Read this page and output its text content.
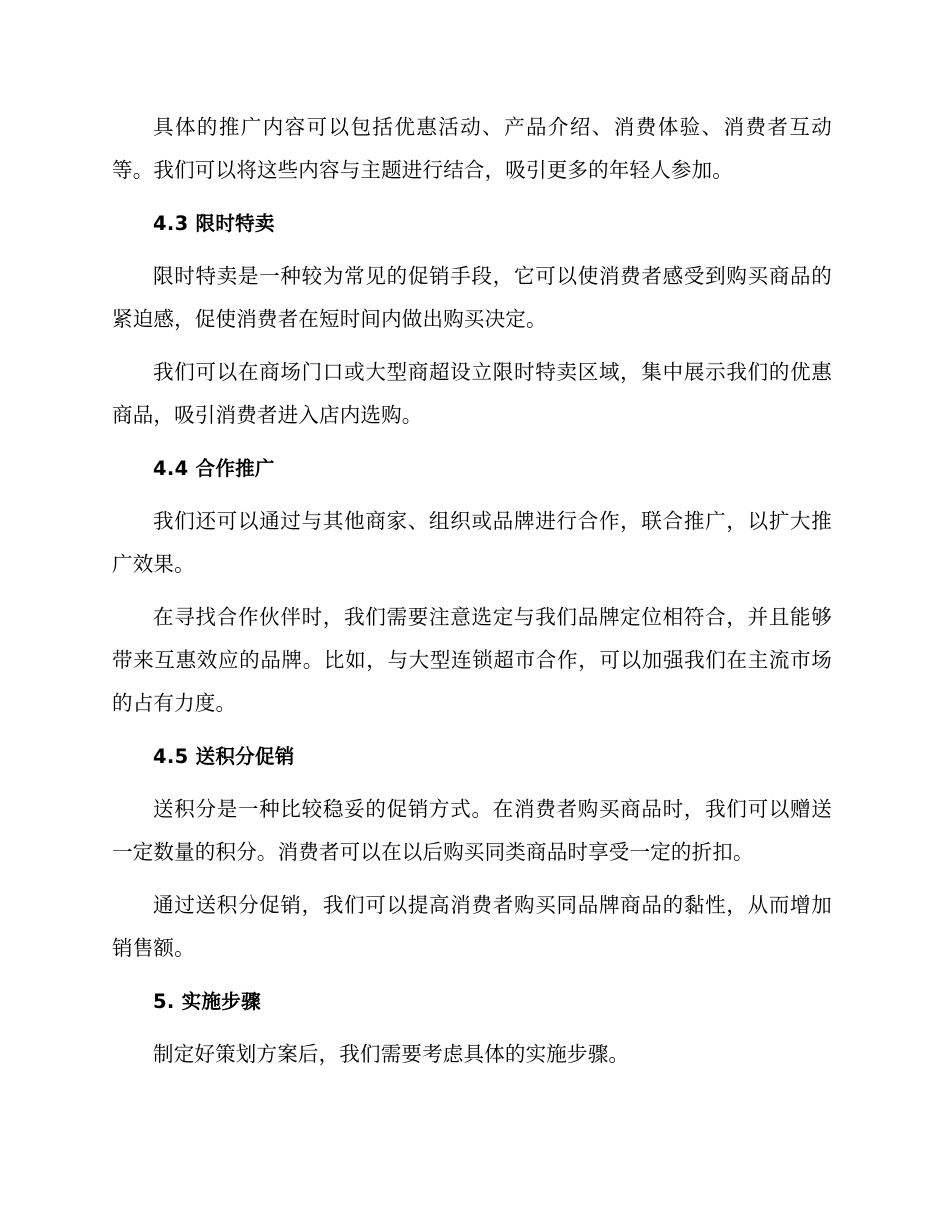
具体的推广内容可以包括优惠活动、产品介绍、消费体验、消费者互动等。我们可以将这些内容与主题进行结合，吸引更多的年轻人参加。

4.3 限时特卖

限时特卖是一种较为常见的促销手段，它可以使消费者感受到购买商品的紧迫感，促使消费者在短时间内做出购买决定。

我们可以在商场门口或大型商超设立限时特卖区域，集中展示我们的优惠商品，吸引消费者进入店内选购。

4.4 合作推广

我们还可以通过与其他商家、组织或品牌进行合作，联合推广，以扩大推广效果。

在寻找合作伙伴时，我们需要注意选定与我们品牌定位相符合，并且能够带来互惠效应的品牌。比如，与大型连锁超市合作，可以加强我们在主流市场的占有力度。

4.5 送积分促销

送积分是一种比较稳妥的促销方式。在消费者购买商品时，我们可以赠送一定数量的积分。消费者可以在以后购买同类商品时享受一定的折扣。

通过送积分促销，我们可以提高消费者购买同品牌商品的黏性，从而增加销售额。

5. 实施步骤

制定好策划方案后，我们需要考虑具体的实施步骤。
